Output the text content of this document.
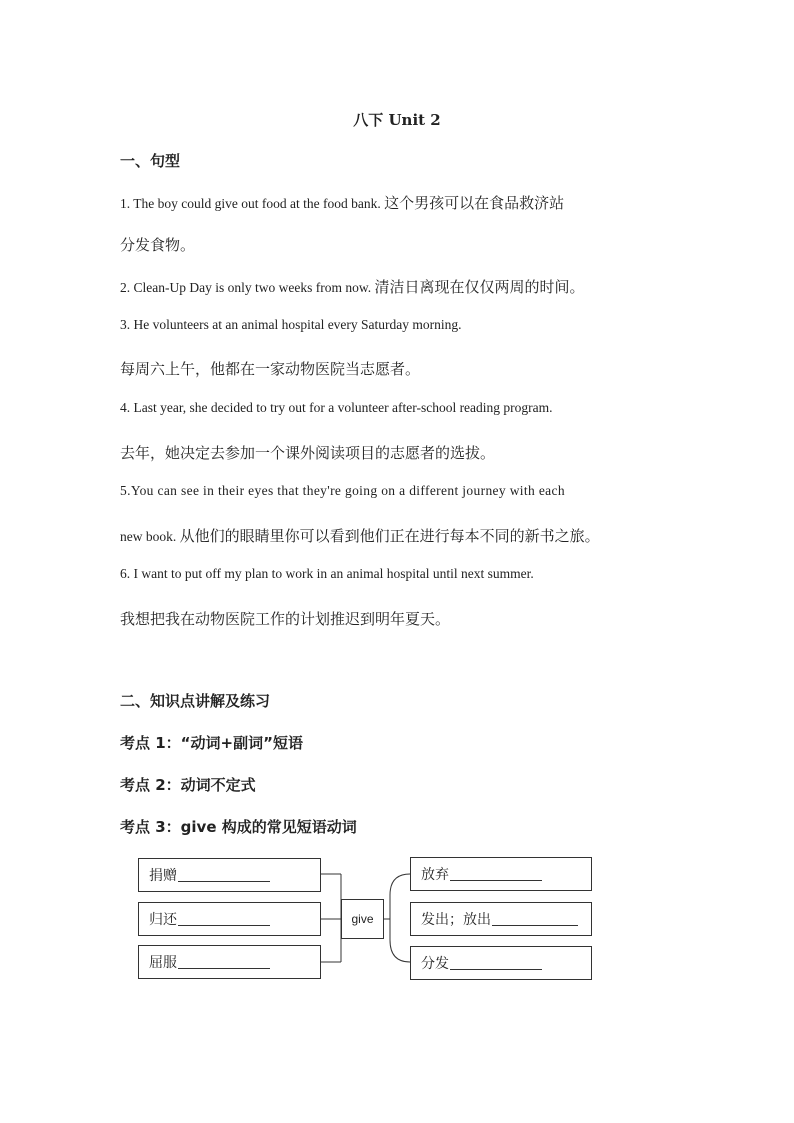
八下 Unit 2
一、句型
1. The boy could give out food at the food bank. 这个男孩可以在食品救济站
分发食物。
2. Clean-Up Day is only two weeks from now. 清洁日离现在仅仅两周的时间。
3. He volunteers at an animal hospital every Saturday morning.
每周六上午，他都在一家动物医院当志愿者。
4. Last year, she decided to try out for a volunteer after-school reading program.
去年，她决定去参加一个课外阅读项目的志愿者的选拔。
5.You can see in their eyes that they're going on a different journey with each
new book. 从他们的眼睛里你可以看到他们正在进行每本不同的新书之旅。
6. I want to put off my plan to work in an animal hospital until next summer.
我想把我在动物医院工作的计划推迟到明年夏天。
二、知识点讲解及练习
考点 1：“动词+副词”短语
考点 2：动词不定式
考点 3：give 构成的常见短语动词
捐赠
归还
屈服
give
放弃
发出；放出
分发
